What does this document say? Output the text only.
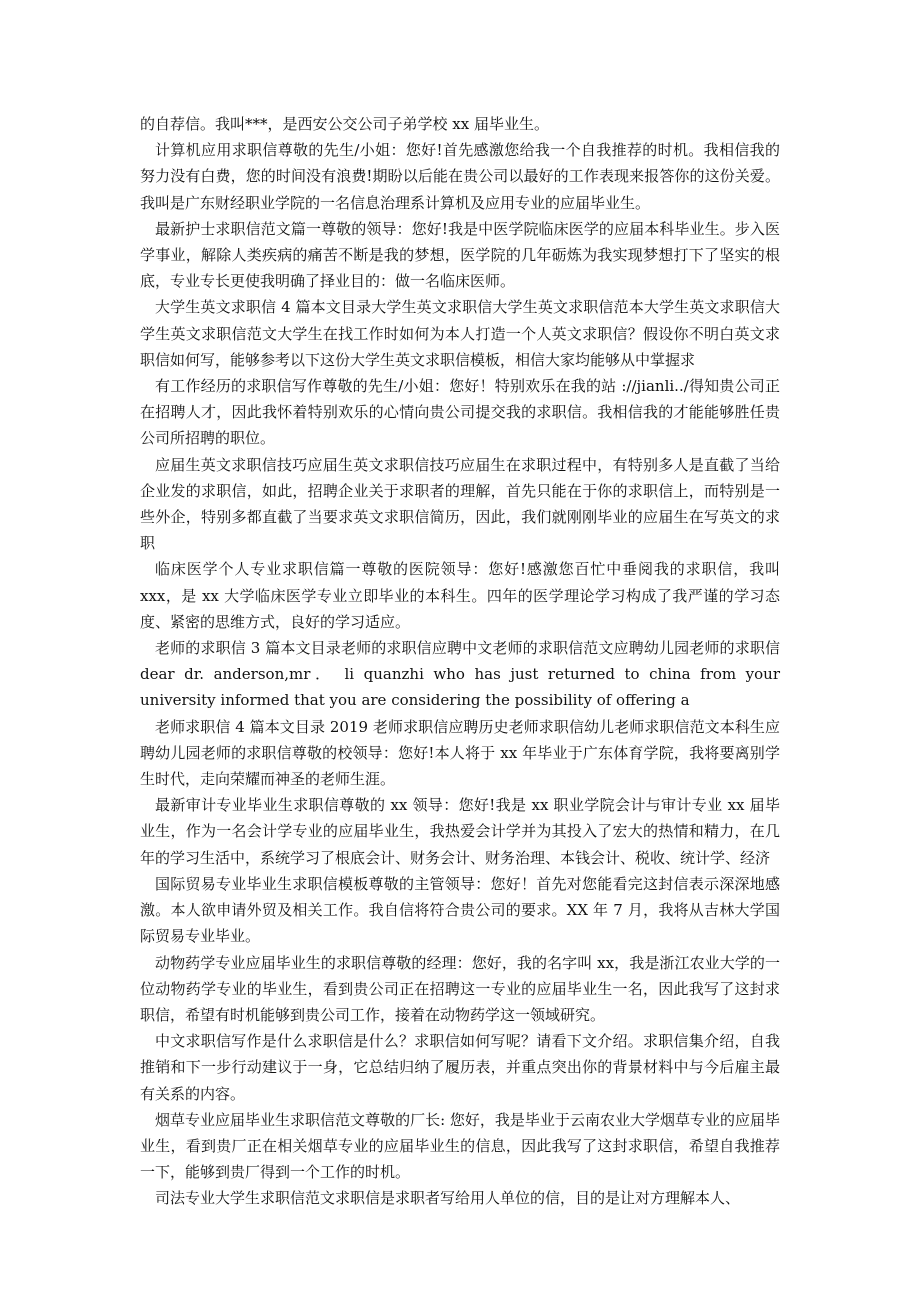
的自荐信。我叫***，是西安公交公司子弟学校 xx 届毕业生。

计算机应用求职信尊敬的先生/小姐：您好!首先感激您给我一个自我推荐的时机。我相信我的努力没有白费，您的时间没有浪费!期盼以后能在贵公司以最好的工作表现来报答你的这份关爱。我叫是广东财经职业学院的一名信息治理系计算机及应用专业的应届毕业生。

最新护士求职信范文篇一尊敬的领导：您好!我是中医学院临床医学的应届本科毕业生。步入医学事业，解除人类疾病的痛苦不断是我的梦想，医学院的几年砺炼为我实现梦想打下了坚实的根底，专业专长更使我明确了择业目的：做一名临床医师。

大学生英文求职信 4 篇本文目录大学生英文求职信大学生英文求职信范本大学生英文求职信大学生英文求职信范文大学生在找工作时如何为本人打造一个人英文求职信？假设你不明白英文求职信如何写，能够参考以下这份大学生英文求职信模板，相信大家均能够从中掌握求

有工作经历的求职信写作尊敬的先生/小姐：您好！特别欢乐在我的站 ://jianli../得知贵公司正在招聘人才，因此我怀着特别欢乐的心情向贵公司提交我的求职信。我相信我的才能能够胜任贵公司所招聘的职位。

应届生英文求职信技巧应届生英文求职信技巧应届生在求职过程中，有特别多人是直截了当给企业发的求职信，如此，招聘企业关于求职者的理解，首先只能在于你的求职信上，而特别是一些外企，特别多都直截了当要求英文求职信简历，因此，我们就刚刚毕业的应届生在写英文的求职

临床医学个人专业求职信篇一尊敬的医院领导：您好!感激您百忙中垂阅我的求职信，我叫 xxx，是 xx 大学临床医学专业立即毕业的本科生。四年的医学理论学习构成了我严谨的学习态度、紧密的思维方式，良好的学习适应。

老师的求职信 3 篇本文目录老师的求职信应聘中文老师的求职信范文应聘幼儿园老师的求职信 dear dr. anderson,mr． li quanzhi who has just returned to china from your university informed that you are considering the possibility of offering a

老师求职信 4 篇本文目录 2019 老师求职信应聘历史老师求职信幼儿老师求职信范文本科生应聘幼儿园老师的求职信尊敬的校领导：您好!本人将于 xx 年毕业于广东体育学院，我将要离别学生时代，走向荣耀而神圣的老师生涯。

最新审计专业毕业生求职信尊敬的 xx 领导：您好!我是 xx 职业学院会计与审计专业 xx 届毕业生，作为一名会计学专业的应届毕业生，我热爱会计学并为其投入了宏大的热情和精力，在几年的学习生活中，系统学习了根底会计、财务会计、财务治理、本钱会计、税收、统计学、经济

国际贸易专业毕业生求职信模板尊敬的主管领导：您好！首先对您能看完这封信表示深深地感激。本人欲申请外贸及相关工作。我自信将符合贵公司的要求。XX 年 7 月，我将从吉林大学国际贸易专业毕业。

动物药学专业应届毕业生的求职信尊敬的经理：您好，我的名字叫 xx，我是浙江农业大学的一位动物药学专业的毕业生，看到贵公司正在招聘这一专业的应届毕业生一名，因此我写了这封求职信，希望有时机能够到贵公司工作，接着在动物药学这一领域研究。

中文求职信写作是什么求职信是什么？求职信如何写呢？请看下文介绍。求职信集介绍，自我推销和下一步行动建议于一身，它总结归纳了履历表，并重点突出你的背景材料中与今后雇主最有关系的内容。

烟草专业应届毕业生求职信范文尊敬的厂长: 您好，我是毕业于云南农业大学烟草专业的应届毕业生，看到贵厂正在相关烟草专业的应届毕业生的信息，因此我写了这封求职信，希望自我推荐一下，能够到贵厂得到一个工作的时机。

司法专业大学生求职信范文求职信是求职者写给用人单位的信，目的是让对方理解本人、
